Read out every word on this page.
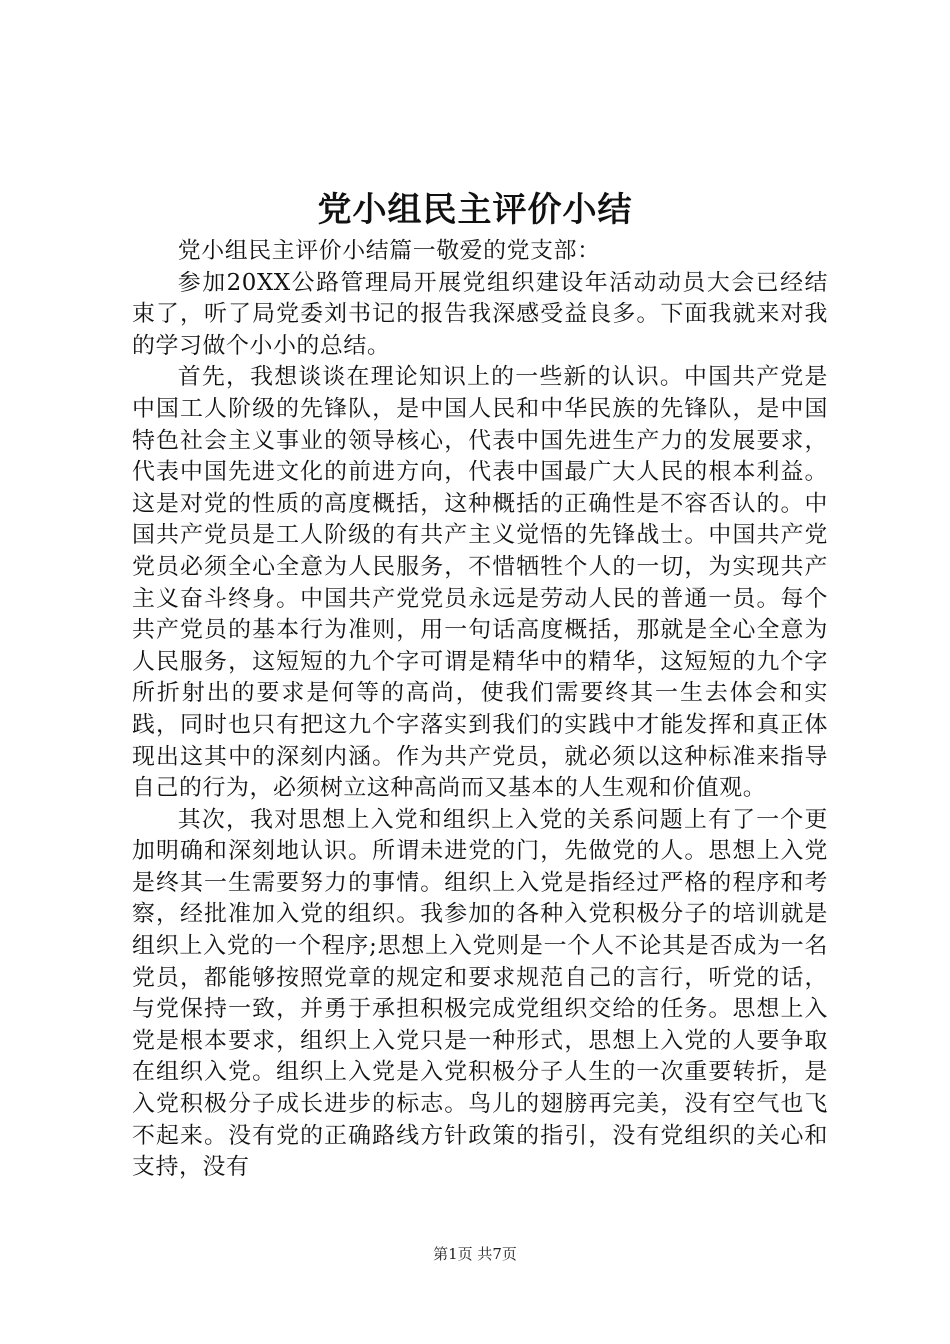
党小组民主评价小结

党小组民主评价小结篇一敬爱的党支部：

参加20XX公路管理局开展党组织建设年活动动员大会已经结束了，听了局党委刘书记的报告我深感受益良多。下面我就来对我的学习做个小小的总结。

首先，我想谈谈在理论知识上的一些新的认识。中国共产党是中国工人阶级的先锋队，是中国人民和中华民族的先锋队，是中国特色社会主义事业的领导核心，代表中国先进生产力的发展要求，代表中国先进文化的前进方向，代表中国最广大人民的根本利益。这是对党的性质的高度概括，这种概括的正确性是不容否认的。中国共产党员是工人阶级的有共产主义觉悟的先锋战士。中国共产党党员必须全心全意为人民服务，不惜牺牲个人的一切，为实现共产主义奋斗终身。中国共产党党员永远是劳动人民的普通一员。每个共产党员的基本行为准则，用一句话高度概括，那就是全心全意为人民服务，这短短的九个字可谓是精华中的精华，这短短的九个字所折射出的要求是何等的高尚，使我们需要终其一生去体会和实践，同时也只有把这九个字落实到我们的实践中才能发挥和真正体现出这其中的深刻内涵。作为共产党员，就必须以这种标准来指导自己的行为，必须树立这种高尚而又基本的人生观和价值观。

其次，我对思想上入党和组织上入党的关系问题上有了一个更加明确和深刻地认识。所谓未进党的门，先做党的人。思想上入党是终其一生需要努力的事情。组织上入党是指经过严格的程序和考察，经批准加入党的组织。我参加的各种入党积极分子的培训就是组织上入党的一个程序;思想上入党则是一个人不论其是否成为一名党员，都能够按照党章的规定和要求规范自己的言行，听党的话，与党保持一致，并勇于承担积极完成党组织交给的任务。思想上入党是根本要求，组织上入党只是一种形式，思想上入党的人要争取在组织入党。组织上入党是入党积极分子人生的一次重要转折，是入党积极分子成长进步的标志。鸟儿的翅膀再完美，没有空气也飞不起来。没有党的正确路线方针政策的指引，没有党组织的关心和支持，没有

第1页 共7页
